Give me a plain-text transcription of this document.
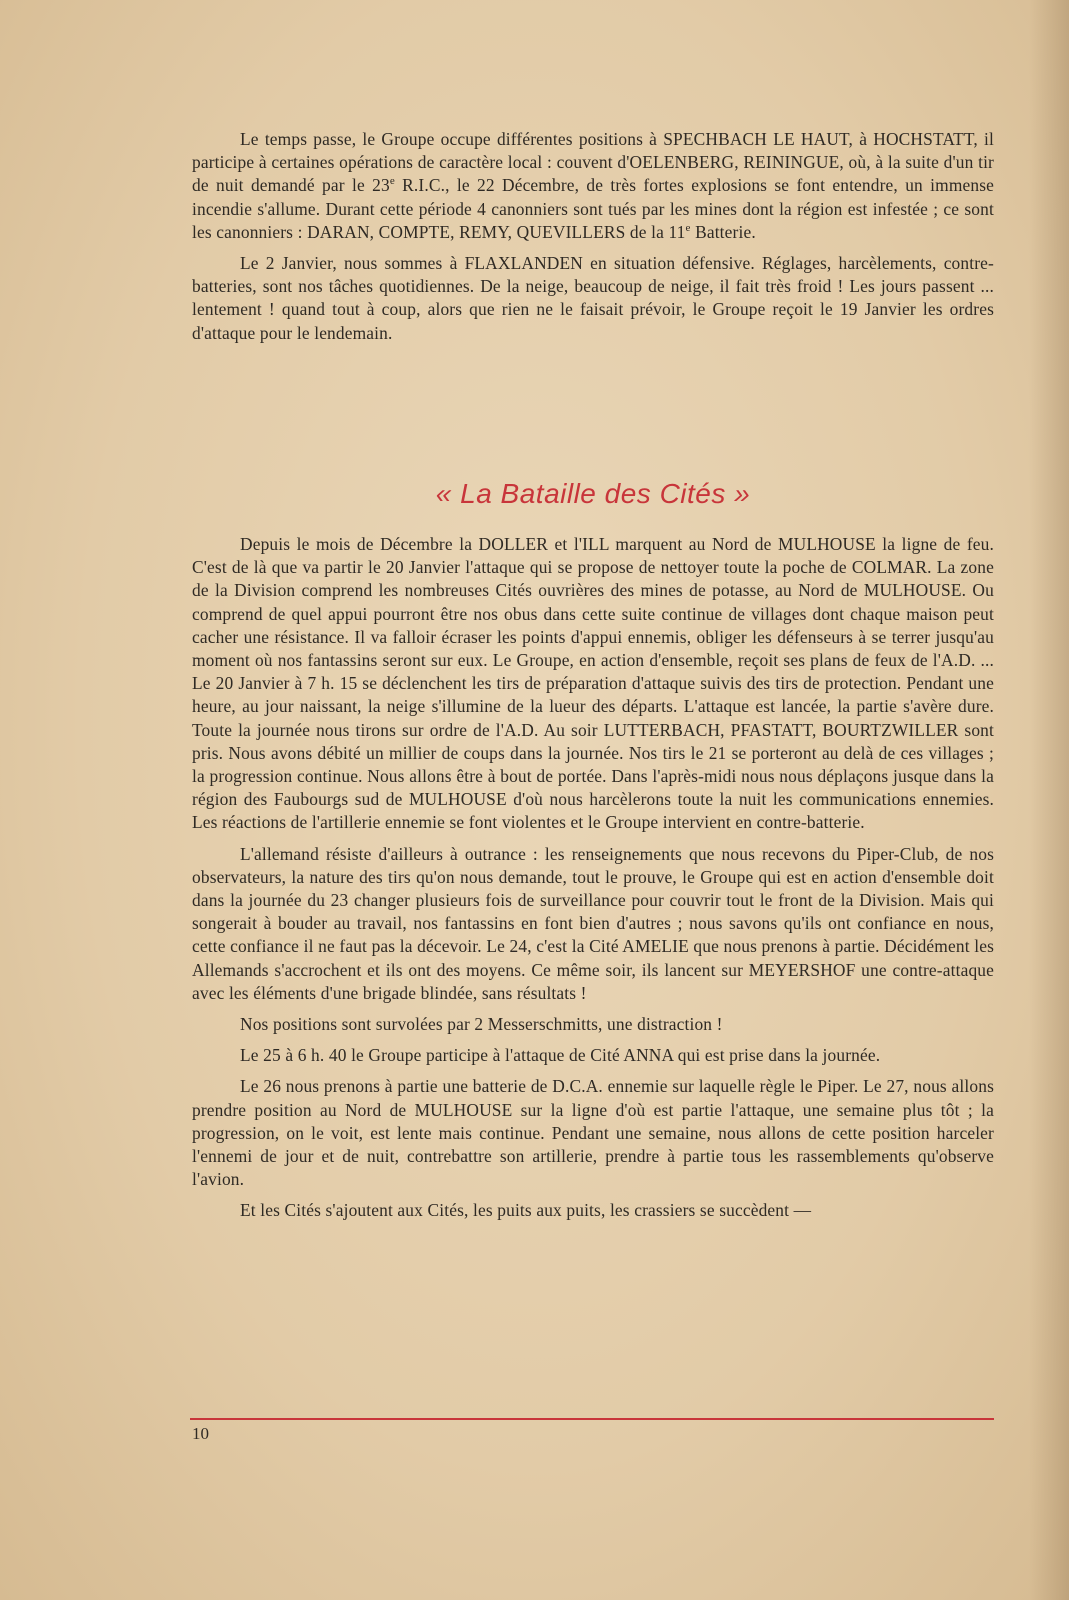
Le temps passe, le Groupe occupe différentes positions à SPECHBACH LE HAUT, à HOCHSTATT, il participe à certaines opérations de caractère local : couvent d'OELENBERG, REININGUE, où, à la suite d'un tir de nuit demandé par le 23e R.I.C., le 22 Décembre, de très fortes explosions se font entendre, un immense incendie s'allume. Durant cette période 4 canonniers sont tués par les mines dont la région est infestée ; ce sont les canonniers : DARAN, COMPTE, REMY, QUEVILLERS de la 11e Batterie.

Le 2 Janvier, nous sommes à FLAXLANDEN en situation défensive. Réglages, harcèlements, contre-batteries, sont nos tâches quotidiennes. De la neige, beaucoup de neige, il fait très froid ! Les jours passent ... lentement ! quand tout à coup, alors que rien ne le faisait prévoir, le Groupe reçoit le 19 Janvier les ordres d'attaque pour le lendemain.

« La Bataille des Cités »

Depuis le mois de Décembre la DOLLER et l'ILL marquent au Nord de MULHOUSE la ligne de feu. C'est de là que va partir le 20 Janvier l'attaque qui se propose de nettoyer toute la poche de COLMAR. La zone de la Division comprend les nombreuses Cités ouvrières des mines de potasse, au Nord de MULHOUSE. Ou comprend de quel appui pourront être nos obus dans cette suite continue de villages dont chaque maison peut cacher une résistance. Il va falloir écraser les points d'appui ennemis, obliger les défenseurs à se terrer jusqu'au moment où nos fantassins seront sur eux. Le Groupe, en action d'ensemble, reçoit ses plans de feux de l'A.D. ... Le 20 Janvier à 7 h. 15 se déclenchent les tirs de préparation d'attaque suivis des tirs de protection. Pendant une heure, au jour naissant, la neige s'illumine de la lueur des départs. L'attaque est lancée, la partie s'avère dure. Toute la journée nous tirons sur ordre de l'A.D. Au soir LUTTERBACH, PFASTATT, BOURTZWILLER sont pris. Nous avons débité un millier de coups dans la journée. Nos tirs le 21 se porteront au delà de ces villages ; la progression continue. Nous allons être à bout de portée. Dans l'après-midi nous nous déplaçons jusque dans la région des Faubourgs sud de MULHOUSE d'où nous harcèlerons toute la nuit les communications ennemies. Les réactions de l'artillerie ennemie se font violentes et le Groupe intervient en contre-batterie.

L'allemand résiste d'ailleurs à outrance : les renseignements que nous recevons du Piper-Club, de nos observateurs, la nature des tirs qu'on nous demande, tout le prouve, le Groupe qui est en action d'ensemble doit dans la journée du 23 changer plusieurs fois de surveillance pour couvrir tout le front de la Division. Mais qui songerait à bouder au travail, nos fantassins en font bien d'autres ; nous savons qu'ils ont confiance en nous, cette confiance il ne faut pas la décevoir. Le 24, c'est la Cité AMELIE que nous prenons à partie. Décidément les Allemands s'accrochent et ils ont des moyens. Ce même soir, ils lancent sur MEYERSHOF une contre-attaque avec les éléments d'une brigade blindée, sans résultats !

Nos positions sont survolées par 2 Messerschmitts, une distraction !

Le 25 à 6 h. 40 le Groupe participe à l'attaque de Cité ANNA qui est prise dans la journée.

Le 26 nous prenons à partie une batterie de D.C.A. ennemie sur laquelle règle le Piper. Le 27, nous allons prendre position au Nord de MULHOUSE sur la ligne d'où est partie l'attaque, une semaine plus tôt ; la progression, on le voit, est lente mais continue. Pendant une semaine, nous allons de cette position harceler l'ennemi de jour et de nuit, contrebattre son artillerie, prendre à partie tous les rassemblements qu'observe l'avion.

Et les Cités s'ajoutent aux Cités, les puits aux puits, les crassiers se succèdent —

10
